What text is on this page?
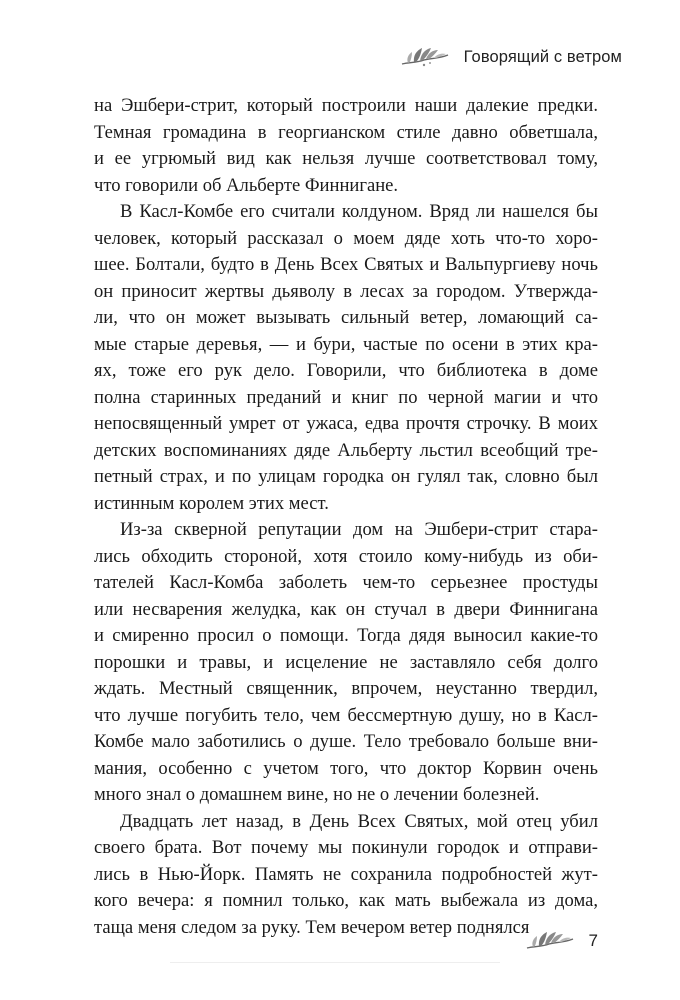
Говорящий с ветром

на Эшбери-стрит, который построили наши далекие предки.
Темная громадина в георгианском стиле давно обветшала,
и ее угрюмый вид как нельзя лучше соответствовал тому,
что говорили об Альберте Финнигане.

В Касл-Комбе его считали колдуном. Вряд ли нашелся бы
человек, который рассказал о моем дяде хоть что-то хоро-
шее. Болтали, будто в День Всех Святых и Вальпургиеву ночь
он приносит жертвы дьяволу в лесах за городом. Утвержда-
ли, что он может вызывать сильный ветер, ломающий са-
мые старые деревья, — и бури, частые по осени в этих кра-
ях, тоже его рук дело. Говорили, что библиотека в доме
полна старинных преданий и книг по черной магии и что
непосвященный умрет от ужаса, едва прочтя строчку. В моих
детских воспоминаниях дяде Альберту льстил всеобщий тре-
петный страх, и по улицам городка он гулял так, словно был
истинным королем этих мест.

Из-за скверной репутации дом на Эшбери-стрит стара-
лись обходить стороной, хотя стоило кому-нибудь из оби-
тателей Касл-Комба заболеть чем-то серьезнее простуды
или несварения желудка, как он стучал в двери Финнигана
и смиренно просил о помощи. Тогда дядя выносил какие-то
порошки и травы, и исцеление не заставляло себя долго
ждать. Местный священник, впрочем, неустанно твердил,
что лучше погубить тело, чем бессмертную душу, но в Касл-
Комбе мало заботились о душе. Тело требовало больше вни-
мания, особенно с учетом того, что доктор Корвин очень
много знал о домашнем вине, но не о лечении болезней.

Двадцать лет назад, в День Всех Святых, мой отец убил
своего брата. Вот почему мы покинули городок и отправи-
лись в Нью-Йорк. Память не сохранила подробностей жут-
кого вечера: я помнил только, как мать выбежала из дома,
таща меня следом за руку. Тем вечером ветер поднялся

7
